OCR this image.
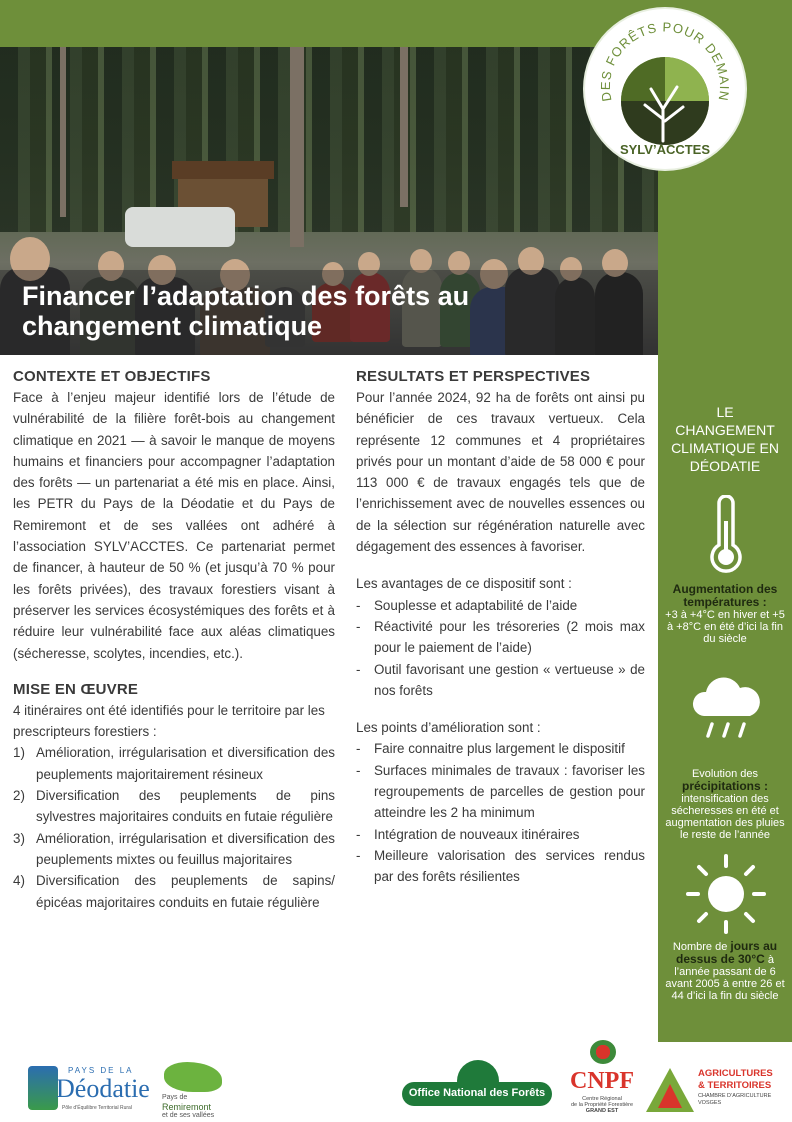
Financer l’adaptation des forêts au changement climatique
DES FORÊTS POUR DEMAIN
SYLV’ACCTES
CONTEXTE ET OBJECTIFS

Face à l’enjeu majeur identifié lors de l’étude de vulnérabilité de la filière forêt-bois au changement climatique en 2021 — à savoir le manque de moyens humains et financiers pour accompagner l’adaptation des forêts — un partenariat a été mis en place. Ainsi, les PETR du Pays de la Déodatie et du Pays de Remiremont et de ses vallées ont adhéré à l’association SYLV’ACCTES. Ce partenariat permet de financer, à hauteur de 50 % (et jusqu’à 70 % pour les forêts privées), des travaux forestiers visant à préserver les services écosystémiques des forêts et à réduire leur vulnérabilité face aux aléas climatiques (sécheresse, scolytes, incendies, etc.).

MISE EN ŒUVRE

4 itinéraires ont été identifiés pour le territoire par les prescripteurs forestiers :

1) Amélioration, irrégularisation et diversification des peuplements majoritairement résineux
2) Diversification des peuplements de pins sylvestres majoritaires conduits en futaie régulière
3) Amélioration, irrégularisation et diversification des peuplements mixtes ou feuillus majoritaires
4) Diversification des peuplements de sapins/épicéas majoritaires conduits en futaie régulière
RESULTATS ET PERSPECTIVES

Pour l’année 2024, 92 ha de forêts ont ainsi pu bénéficier de ces travaux vertueux. Cela représente 12 communes et 4 propriétaires privés pour un montant d’aide de 58 000 € pour 113 000 € de travaux engagés tels que de l’enrichissement avec de nouvelles essences ou de la sélection sur régénération naturelle avec dégagement des essences à favoriser.

Les avantages de ce dispositif sont :

- Souplesse et adaptabilité de l’aide
- Réactivité pour les trésoreries (2 mois max pour le paiement de l’aide)
- Outil favorisant une gestion « vertueuse » de nos forêts

Les points d’amélioration sont :

- Faire connaitre plus largement le dispositif
- Surfaces minimales de travaux : favoriser les regroupements de parcelles de gestion pour atteindre les 2 ha minimum
- Intégration de nouveaux itinéraires
- Meilleure valorisation des services rendus par des forêts résilientes
LE CHANGEMENT CLIMATIQUE EN DÉODATIE
Augmentation des températures :
+3 à +4°C en hiver et +5 à +8°C en été d’ici la fin du siècle
Evolution des
précipitations :
intensification des sécheresses en été et augmentation des pluies le reste de l’année
Nombre de jours au dessus de 30°C à l’année passant de 6 avant 2005 à entre 26 et 44 d’ici la fin du siècle
PAYS DE LA
Déodatie
Pôle d’Équilibre Territorial Rural
Pays de
Remiremont
et de ses vallées
Office National des Forêts	CNPF
Centre Régional
de la Propriété Forestière
GRAND EST
AGRICULTURES
& TERRITOIRES
CHAMBRE D’AGRICULTURE
VOSGES
